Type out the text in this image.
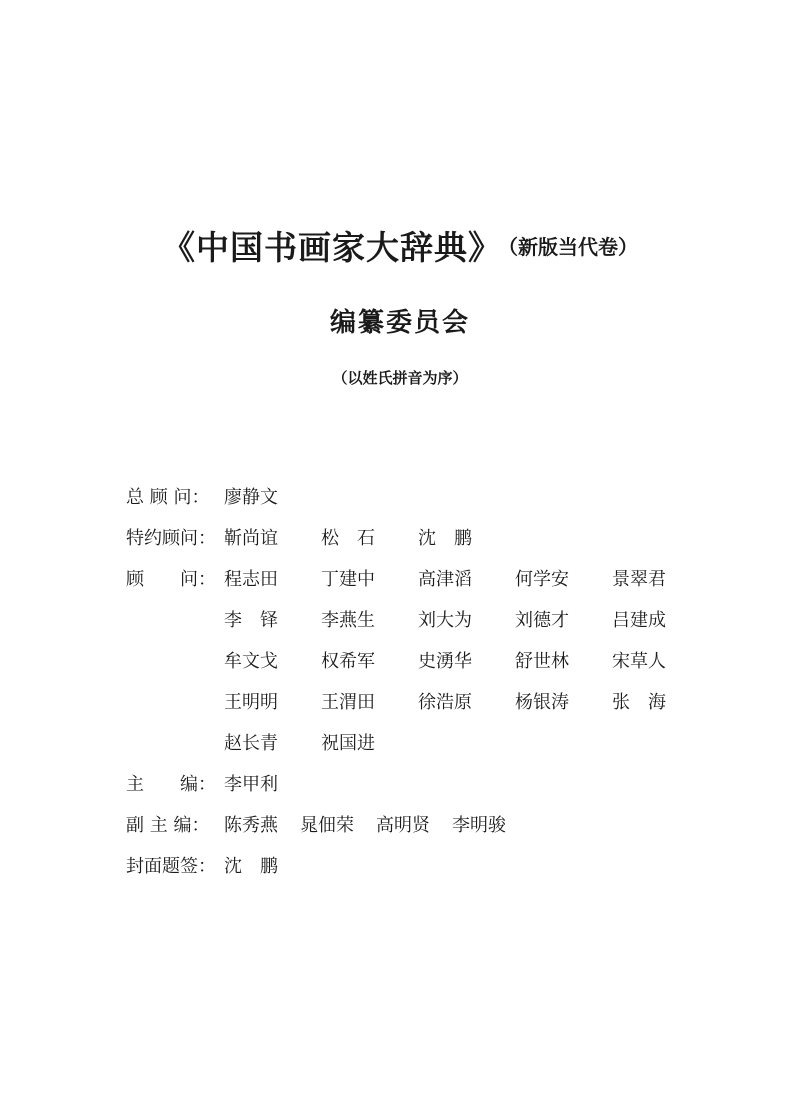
《中国书画家大辞典》 （新版当代卷）
编纂委员会
（以姓氏拼音为序）
总 顾 问： 廖静文
特约顾问： 靳尚谊 松　石 沈　鹏
顾　　问： 程志田	丁建中	高津滔	何学安	景翠君
李　铎	李燕生	刘大为	刘德才	吕建成
牟文戈	权希军	史湧华	舒世林	宋草人
王明明	王渭田	徐浩原	杨银涛	张　海
赵长青	祝国进
主　　编： 李甲利
副 主 编： 陈秀燕 晁佃荣 高明贤 李明骏
封面题签： 沈　鹏
